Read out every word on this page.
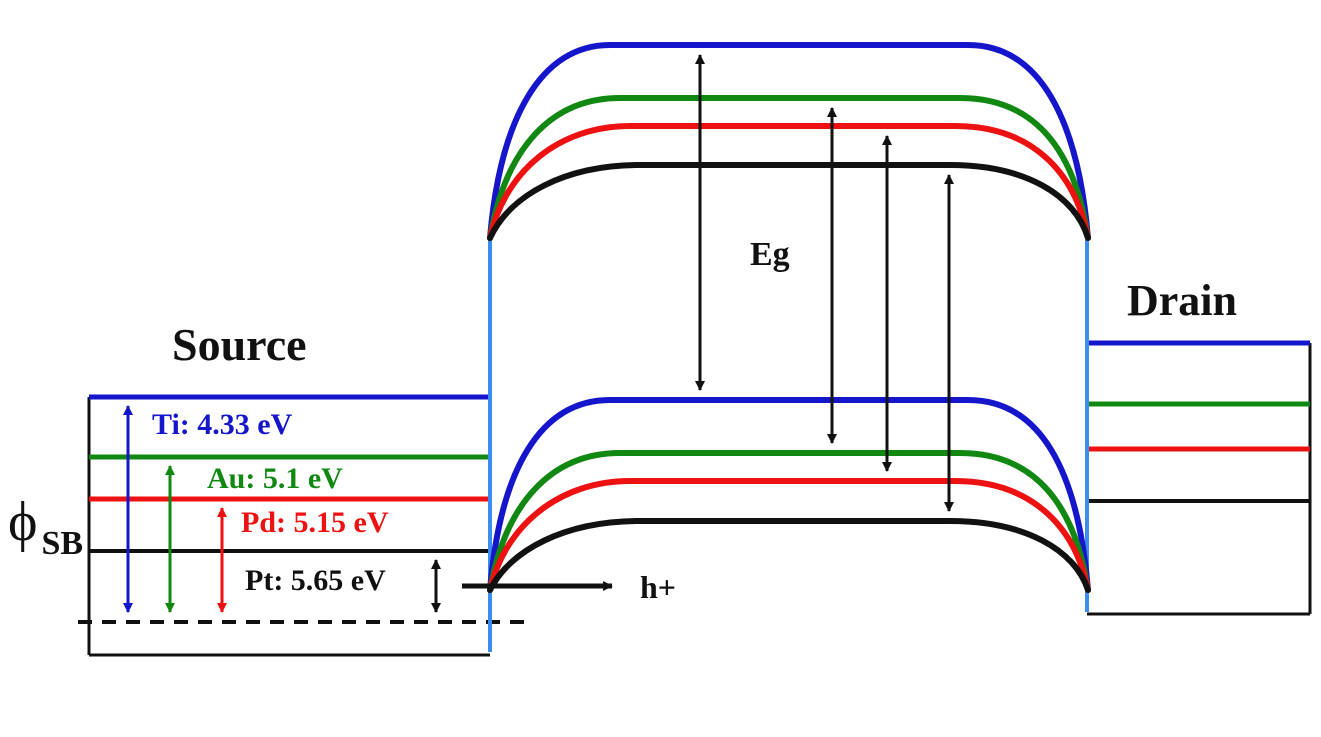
Source
Drain
Eg
h+
ϕ SB
Ti: 4.33 eV
Au: 5.1 eV
Pd: 5.15 eV
Pt: 5.65 eV
